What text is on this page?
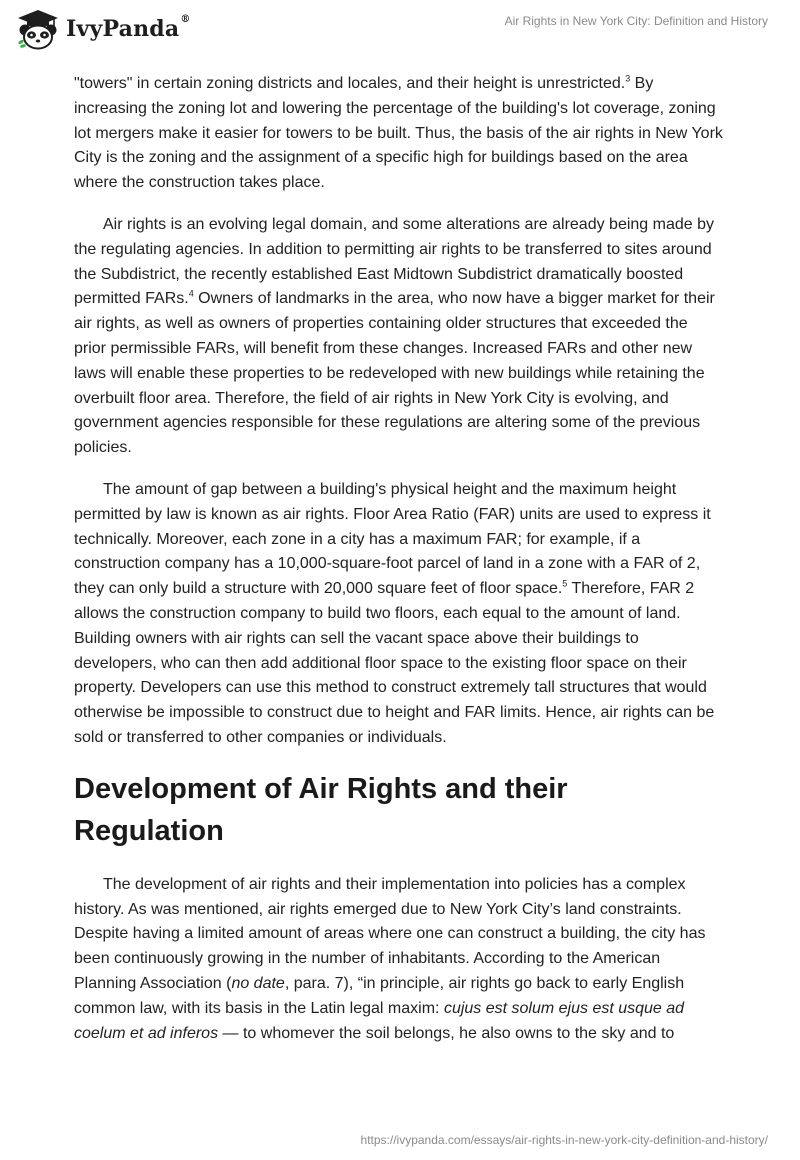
IvyPanda®	Air Rights in New York City: Definition and History

"towers" in certain zoning districts and locales, and their height is unrestricted.$^3$ By increasing the zoning lot and lowering the percentage of the building's lot coverage, zoning lot mergers make it easier for towers to be built. Thus, the basis of the air rights in New York City is the zoning and the assignment of a specific high for buildings based on the area where the construction takes place.

Air rights is an evolving legal domain, and some alterations are already being made by the regulating agencies. In addition to permitting air rights to be transferred to sites around the Subdistrict, the recently established East Midtown Subdistrict dramatically boosted permitted FARs.$^4$ Owners of landmarks in the area, who now have a bigger market for their air rights, as well as owners of properties containing older structures that exceeded the prior permissible FARs, will benefit from these changes. Increased FARs and other new laws will enable these properties to be redeveloped with new buildings while retaining the overbuilt floor area. Therefore, the field of air rights in New York City is evolving, and government agencies responsible for these regulations are altering some of the previous policies.

The amount of gap between a building's physical height and the maximum height permitted by law is known as air rights. Floor Area Ratio (FAR) units are used to express it technically. Moreover, each zone in a city has a maximum FAR; for example, if a construction company has a 10,000-square-foot parcel of land in a zone with a FAR of 2, they can only build a structure with 20,000 square feet of floor space.$^5$ Therefore, FAR 2 allows the construction company to build two floors, each equal to the amount of land. Building owners with air rights can sell the vacant space above their buildings to developers, who can then add additional floor space to the existing floor space on their property. Developers can use this method to construct extremely tall structures that would otherwise be impossible to construct due to height and FAR limits. Hence, air rights can be sold or transferred to other companies or individuals.

Development of Air Rights and their Regulation

The development of air rights and their implementation into policies has a complex history. As was mentioned, air rights emerged due to New York City’s land constraints. Despite having a limited amount of areas where one can construct a building, the city has been continuously growing in the number of inhabitants. According to the American Planning Association (no date, para. 7), “in principle, air rights go back to early English common law, with its basis in the Latin legal maxim: cujus est solum ejus est usque ad coelum et ad inferos — to whomever the soil belongs, he also owns to the sky and to

https://ivypanda.com/essays/air-rights-in-new-york-city-definition-and-history/
